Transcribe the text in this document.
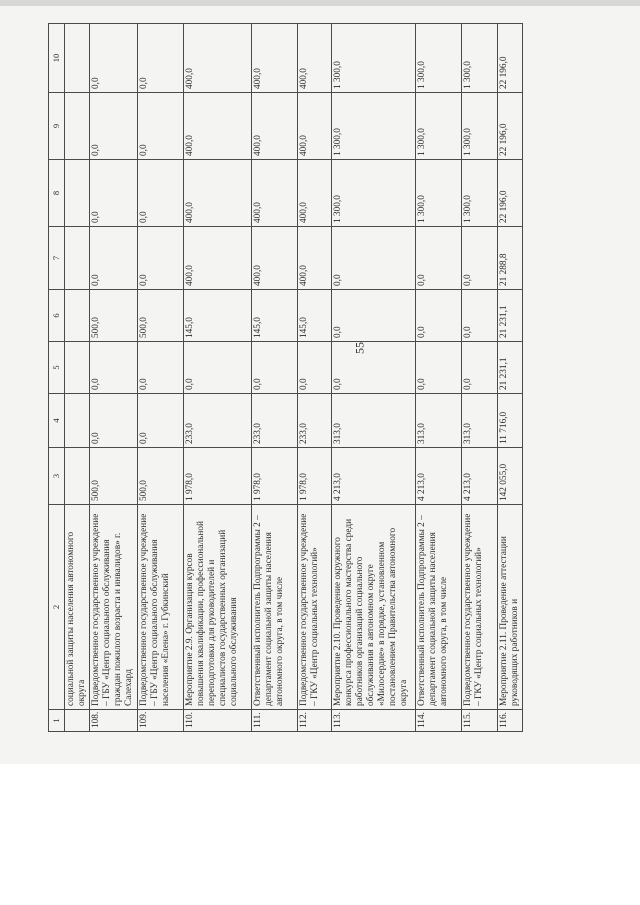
55
1	2	3	4	5	6	7	8	9	10
	социальной защиты населения автономного округа								
108.	Подведомственное государственное учреждение – ГБУ «Центр социального обслуживания граждан пожилого возраста и инвалидов» г. Салехард	500,0	0,0	0,0	500,0	0,0	0,0	0,0	0,0
109.	Подведомственное государственное учреждение – ГБУ «Центр социального обслуживания населения «Елена» г. Губкинский	500,0	0,0	0,0	500,0	0,0	0,0	0,0	0,0
110.	Мероприятие 2.9. Организация курсов повышения квалификации, профессиональной переподготовки для руководителей и специалистов государственных организаций социального обслуживания	1 978,0	233,0	0,0	145,0	400,0	400,0	400,0	400,0
111.	Ответственный исполнитель Подпрограммы 2 – департамент социальной защиты населения автономного округа, в том числе	1 978,0	233,0	0,0	145,0	400,0	400,0	400,0	400,0
112.	Подведомственное государственное учреждение – ГКУ «Центр социальных технологий»	1 978,0	233,0	0,0	145,0	400,0	400,0	400,0	400,0
113.	Мероприятие 2.10. Проведение окружного конкурса профессионального мастерства среди работников организаций социального обслуживания в автономном округе «Милосердие» в порядке, установленном постановлением Правительства автономного округа	4 213,0	313,0	0,0	0,0	0,0	1 300,0	1 300,0	1 300,0
114.	Ответственный исполнитель Подпрограммы 2 – департамент социальной защиты населения автономного округа, в том числе	4 213,0	313,0	0,0	0,0	0,0	1 300,0	1 300,0	1 300,0
115.	Подведомственное государственное учреждение – ГКУ «Центр социальных технологий»	4 213,0	313,0	0,0	0,0	0,0	1 300,0	1 300,0	1 300,0
116.	Мероприятие 2.11. Проведение аттестации руководящих работников и	142 055,0	11 716,0	21 231,1	21 231,1	21 288,8	22 196,0	22 196,0	22 196,0
